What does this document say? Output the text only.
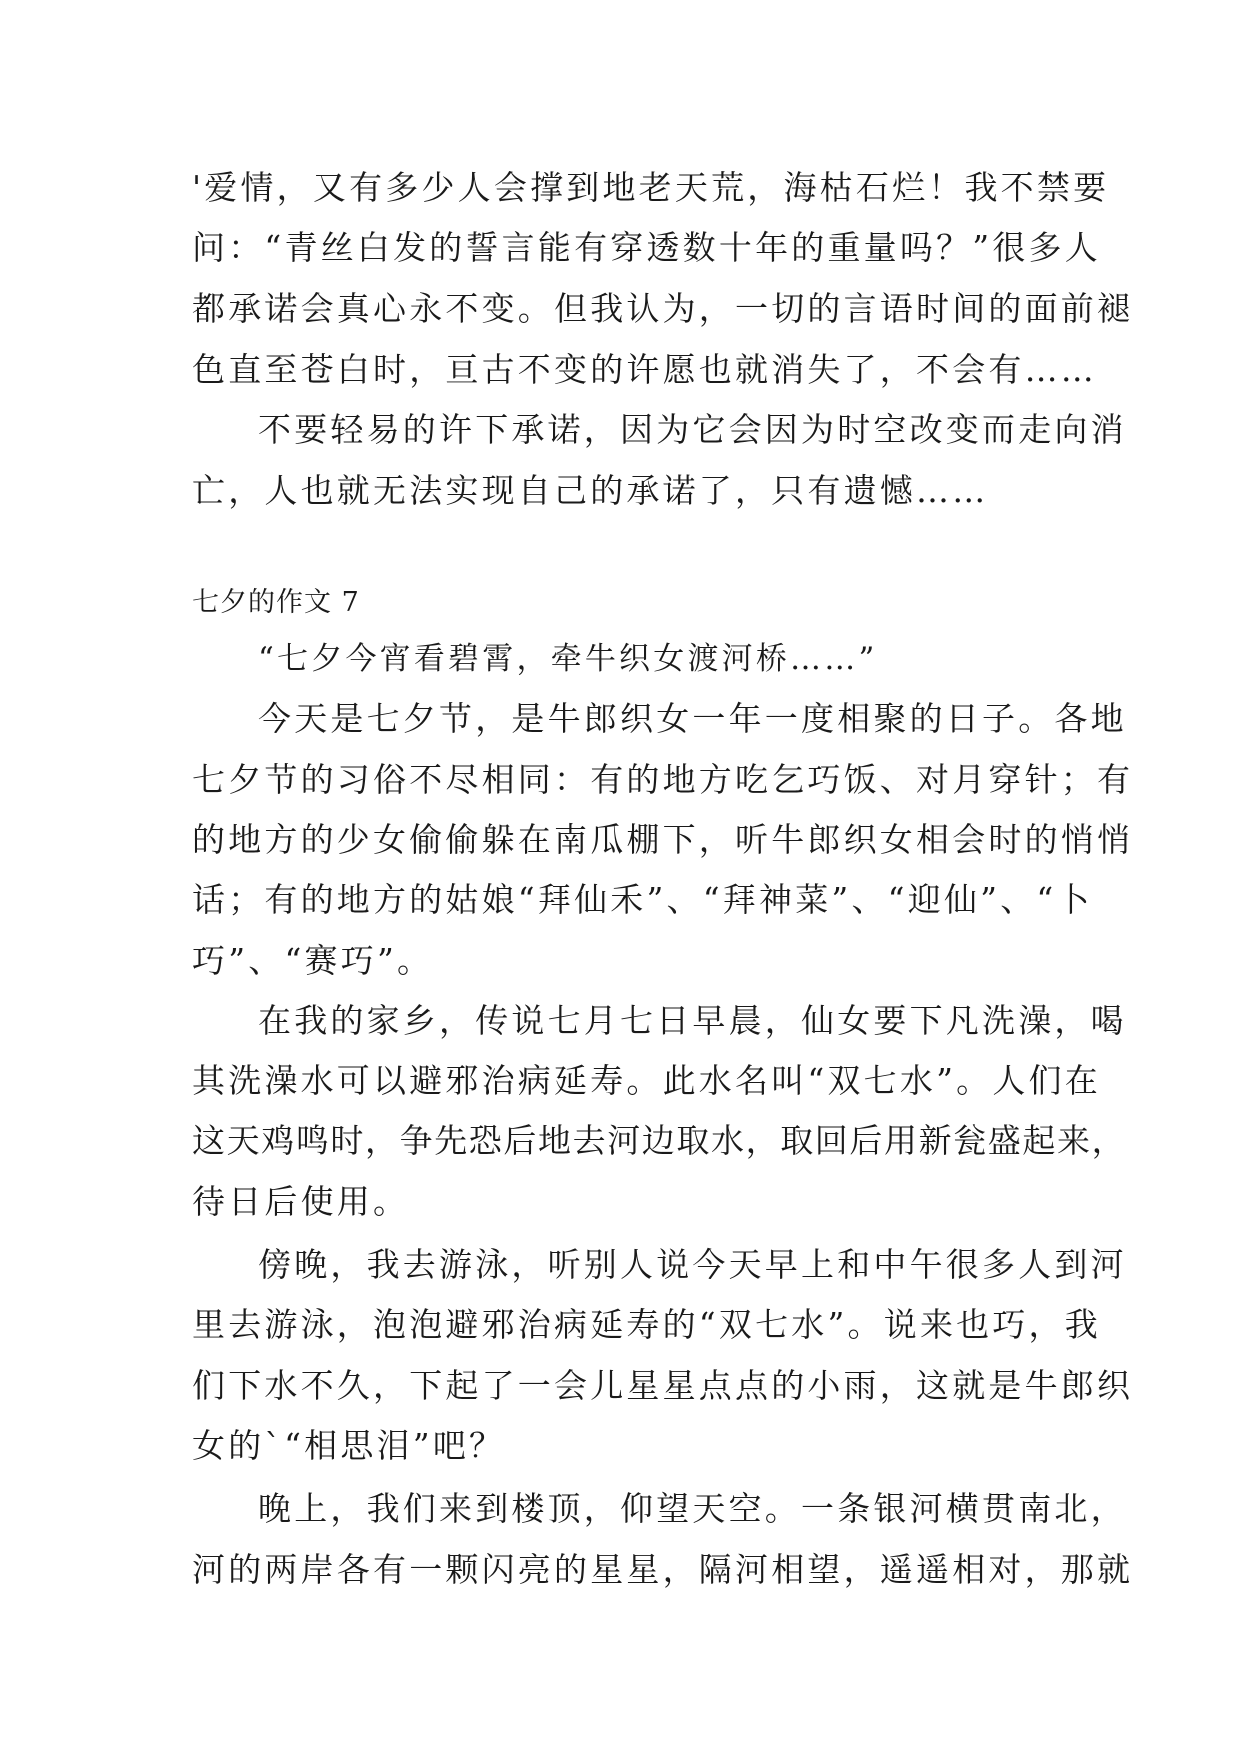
'爱情，又有多少人会撑到地老天荒，海枯石烂！我不禁要
问：“青丝白发的誓言能有穿透数十年的重量吗？”很多人
都承诺会真心永不变。但我认为，一切的言语时间的面前褪
色直至苍白时，亘古不变的许愿也就消失了，不会有……
不要轻易的许下承诺，因为它会因为时空改变而走向消
亡，人也就无法实现自己的承诺了，只有遗憾……
七夕的作文 7
“七夕今宵看碧霄，牵牛织女渡河桥……”
今天是七夕节，是牛郎织女一年一度相聚的日子。各地
七夕节的习俗不尽相同：有的地方吃乞巧饭、对月穿针；有
的地方的少女偷偷躲在南瓜棚下，听牛郎织女相会时的悄悄
话；有的地方的姑娘“拜仙禾”、“拜神菜”、“迎仙”、“卜
巧”、“赛巧”。
在我的家乡，传说七月七日早晨，仙女要下凡洗澡，喝
其洗澡水可以避邪治病延寿。此水名叫“双七水”。人们在
这天鸡鸣时，争先恐后地去河边取水，取回后用新瓮盛起来，
待日后使用。
傍晚，我去游泳，听别人说今天早上和中午很多人到河
里去游泳，泡泡避邪治病延寿的“双七水”。说来也巧，我
们下水不久，下起了一会儿星星点点的小雨，这就是牛郎织
女的`“相思泪”吧？
晚上，我们来到楼顶，仰望天空。一条银河横贯南北，
河的两岸各有一颗闪亮的星星，隔河相望，遥遥相对，那就
